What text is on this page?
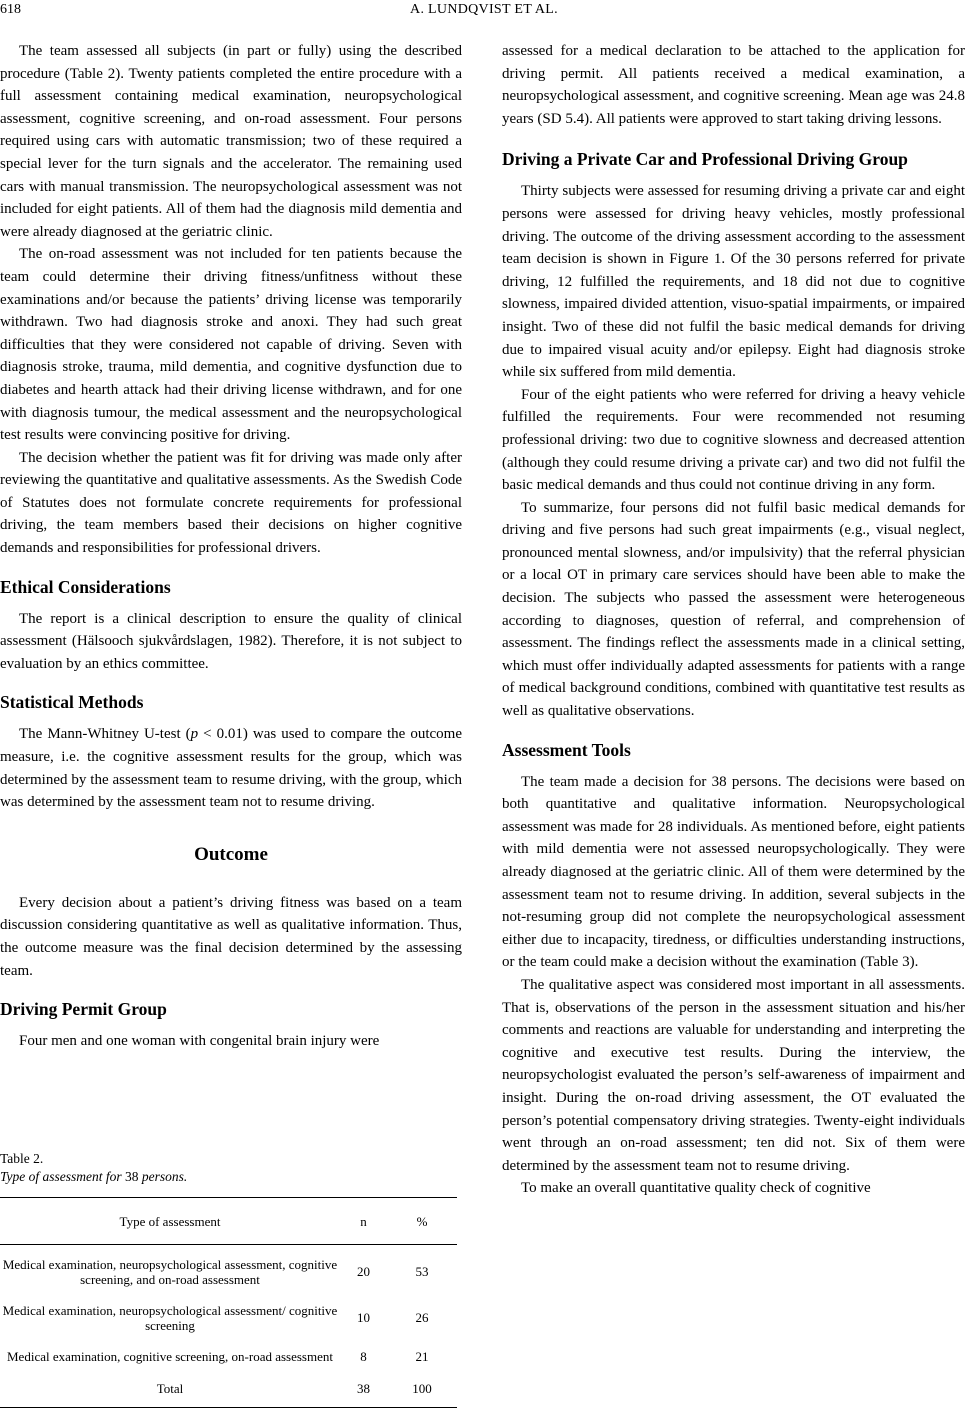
618	A. LUNDQVIST ET AL.

The team assessed all subjects (in part or fully) using the described procedure (Table 2). Twenty patients completed the entire procedure with a full assessment containing medical examination, neuropsychological assessment, cognitive screening, and on-road assessment. Four persons required using cars with automatic transmission; two of these required a special lever for the turn signals and the accelerator. The remaining used cars with manual transmission. The neuropsychological assessment was not included for eight patients. All of them had the diagnosis mild dementia and were already diagnosed at the geriatric clinic.

The on-road assessment was not included for ten patients because the team could determine their driving fitness/unfitness without these examinations and/or because the patients’ driving license was temporarily withdrawn. Two had diagnosis stroke and anoxi. They had such great difficulties that they were considered not capable of driving. Seven with diagnosis stroke, trauma, mild dementia, and cognitive dysfunction due to diabetes and hearth attack had their driving license withdrawn, and for one with diagnosis tumour, the medical assessment and the neuropsychological test results were convincing positive for driving.

The decision whether the patient was fit for driving was made only after reviewing the quantitative and qualitative assessments. As the Swedish Code of Statutes does not formulate concrete requirements for professional driving, the team members based their decisions on higher cognitive demands and responsibilities for professional drivers.

Ethical Considerations

The report is a clinical description to ensure the quality of clinical assessment (Hälsooch sjukvårdslagen, 1982). Therefore, it is not subject to evaluation by an ethics committee.

Statistical Methods

The Mann-Whitney U-test (p < 0.01) was used to compare the outcome measure, i.e. the cognitive assessment results for the group, which was determined by the assessment team to resume driving, with the group, which was determined by the assessment team not to resume driving.

Outcome

Every decision about a patient’s driving fitness was based on a team discussion considering quantitative as well as qualitative information. Thus, the outcome measure was the final decision determined by the assessing team.

Driving Permit Group

Four men and one woman with congenital brain injury were

Table 2.

Type of assessment for 38 persons.

Type of assessment	n	%
Medical examination, neuropsychological assessment, cognitive screening, and on-road assessment	20	53
Medical examination, neuropsychological assessment/ cognitive screening	10	26
Medical examination, cognitive screening, on-road assessment	8	21
Total	38	100

assessed for a medical declaration to be attached to the application for driving permit. All patients received a medical examination, a neuropsychological assessment, and cognitive screening. Mean age was 24.8 years (SD 5.4). All patients were approved to start taking driving lessons.

Driving a Private Car and Professional Driving Group

Thirty subjects were assessed for resuming driving a private car and eight persons were assessed for driving heavy vehicles, mostly professional driving. The outcome of the driving assessment according to the assessment team decision is shown in Figure 1. Of the 30 persons referred for private driving, 12 fulfilled the requirements, and 18 did not due to cognitive slowness, impaired divided attention, visuo-spatial impairments, or impaired insight. Two of these did not fulfil the basic medical demands for driving due to impaired visual acuity and/or epilepsy. Eight had diagnosis stroke while six suffered from mild dementia.

Four of the eight patients who were referred for driving a heavy vehicle fulfilled the requirements. Four were recommended not resuming professional driving: two due to cognitive slowness and decreased attention (although they could resume driving a private car) and two did not fulfil the basic medical demands and thus could not continue driving in any form.

To summarize, four persons did not fulfil basic medical demands for driving and five persons had such great impairments (e.g., visual neglect, pronounced mental slowness, and/or impulsivity) that the referral physician or a local OT in primary care services should have been able to make the decision. The subjects who passed the assessment were heterogeneous according to diagnoses, question of referral, and comprehension of assessment. The findings reflect the assessments made in a clinical setting, which must offer individually adapted assessments for patients with a range of medical background conditions, combined with quantitative test results as well as qualitative observations.

Assessment Tools

The team made a decision for 38 persons. The decisions were based on both quantitative and qualitative information. Neuropsychological assessment was made for 28 individuals. As mentioned before, eight patients with mild dementia were not assessed neuropsychologically. They were already diagnosed at the geriatric clinic. All of them were determined by the assessment team not to resume driving. In addition, several subjects in the not-resuming group did not complete the neuropsychological assessment either due to incapacity, tiredness, or difficulties understanding instructions, or the team could make a decision without the examination (Table 3).

The qualitative aspect was considered most important in all assessments. That is, observations of the person in the assessment situation and his/her comments and reactions are valuable for understanding and interpreting the cognitive and executive test results. During the interview, the neuropsychologist evaluated the person’s self-awareness of impairment and insight. During the on-road driving assessment, the OT evaluated the person’s potential compensatory driving strategies. Twenty-eight individuals went through an on-road assessment; ten did not. Six of them were determined by the assessment team not to resume driving.

To make an overall quantitative quality check of cognitive
